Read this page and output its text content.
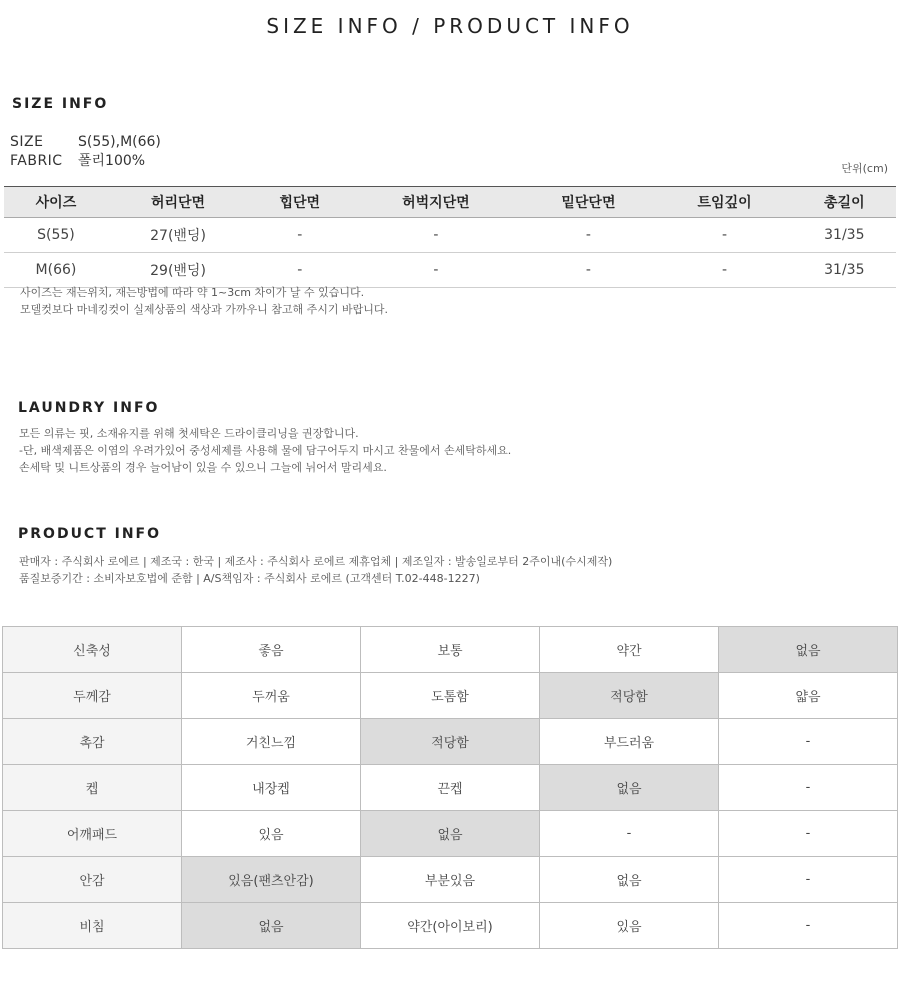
SIZE INFO / PRODUCT INFO
SIZE INFO
SIZE S(55),M(66)
FABRIC 폴리100%	단위(cm)
사이즈	허리단면	힙단면	허벅지단면	밑단단면	트임깊이	총길이
S(55)	27(밴딩)	-	-	-	-	31/35
M(66)	29(밴딩)	-	-	-	-	31/35
사이즈는 재는위치, 재는방법에 따라 약 1~3cm 차이가 날 수 있습니다.
모델컷보다 마네킹컷이 실제상품의 색상과 가까우니 참고해 주시기 바랍니다.
LAUNDRY INFO
모든 의류는 핏, 소재유지를 위해 첫세탁은 드라이클리닝을 권장합니다.
-단, 배색제품은 이염의 우려가있어 중성세제를 사용해 물에 담구어두지 마시고 찬물에서 손세탁하세요.
손세탁 및 니트상품의 경우 늘어남이 있을 수 있으니 그늘에 뉘어서 말리세요.
PRODUCT INFO
판매자 : 주식회사 로에르 | 제조국 : 한국 | 제조사 : 주식회사 로에르 제휴업체 | 제조일자 : 발송일로부터 2주이내(수시제작)
품질보증기간 : 소비자보호법에 준함 | A/S책임자 : 주식회사 로에르 (고객센터 T.02-448-1227)
신축성	좋음	보통	약간	없음
두께감	두꺼움	도톰함	적당함	얇음
촉감	거친느낌	적당함	부드러움	-
켑	내장켑	끈켑	없음	-
어깨패드	있음	없음	-	-
안감	있음(팬츠안감)	부분있음	없음	-
비침	없음	약간(아이보리)	있음	-
